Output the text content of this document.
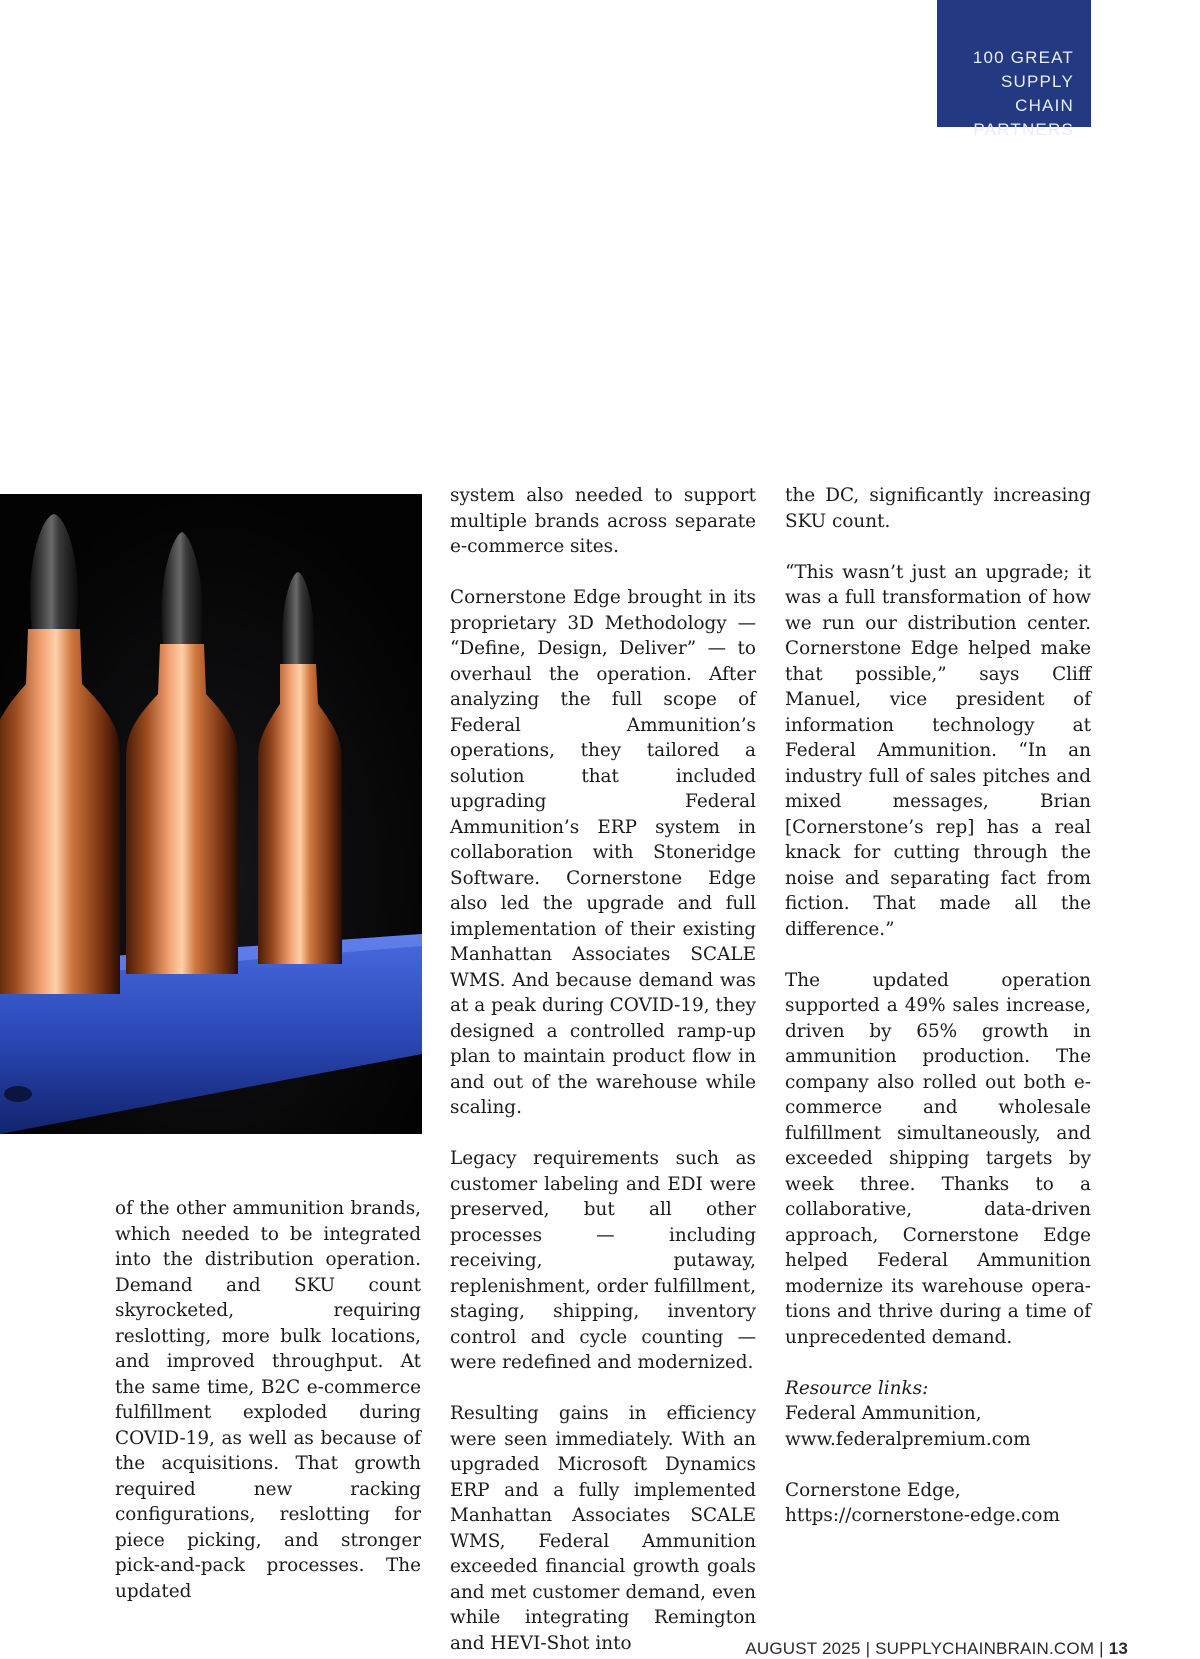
100 GREAT
SUPPLY CHAIN
PARTNERS

of the other ammunition brands, which needed to be integrated into the distribution operation. Demand and SKU count skyrocketed, requiring reslotting, more bulk locations, and improved throughput. At the same time, B2C e-commerce fulfillment exploded during COVID-19, as well as because of the acquisitions. That growth required new racking configurations, reslotting for piece picking, and stronger pick-and-pack processes. The updated

system also needed to support multiple brands across separate e-commerce sites.

Cornerstone Edge brought in its proprietary 3D Methodology — “Define, Design, Deliver” — to overhaul the operation. After analyzing the full scope of Federal Ammunition’s operations, they tailored a solution that included upgrading Federal Ammunition’s ERP system in collaboration with Stoneridge Software. Cornerstone Edge also led the upgrade and full implementation of their existing Manhattan Associates SCALE WMS. And because demand was at a peak during COVID-19, they designed a controlled ramp-up plan to maintain product flow in and out of the warehouse while scaling.

Legacy requirements such as customer labeling and EDI were preserved, but all other processes — including receiving, putaway, replenishment, order fulfillment, staging, shipping, inventory control and cycle counting — were redefined and modernized.

Resulting gains in efficiency were seen immediately. With an upgraded Microsoft Dynamics ERP and a fully implemented Manhattan Associates SCALE WMS, Federal Ammunition exceeded financial growth goals and met customer demand, even while integrating Remington and HEVI-Shot into

the DC, significantly increasing SKU count.

“This wasn’t just an upgrade; it was a full transformation of how we run our distribution center. Cornerstone Edge helped make that possible,” says Cliff Manuel, vice president of information technology at Federal Ammunition. “In an industry full of sales pitches and mixed messages, Brian [Cornerstone’s rep] has a real knack for cutting through the noise and separating fact from fiction. That made all the difference.”

The updated operation supported a 49% sales increase, driven by 65% growth in ammunition production. The company also rolled out both e-commerce and wholesale fulfillment simultaneously, and exceeded shipping targets by week three. Thanks to a collaborative, data-driven approach, Cornerstone Edge helped Federal Ammunition modernize its warehouse operations and thrive during a time of unprecedented demand.

Resource links:
Federal Ammunition,
www.federalpremium.com
Cornerstone Edge,
https://cornerstone-edge.com
AUGUST 2025 | SUPPLYCHAINBRAIN.COM | 13
